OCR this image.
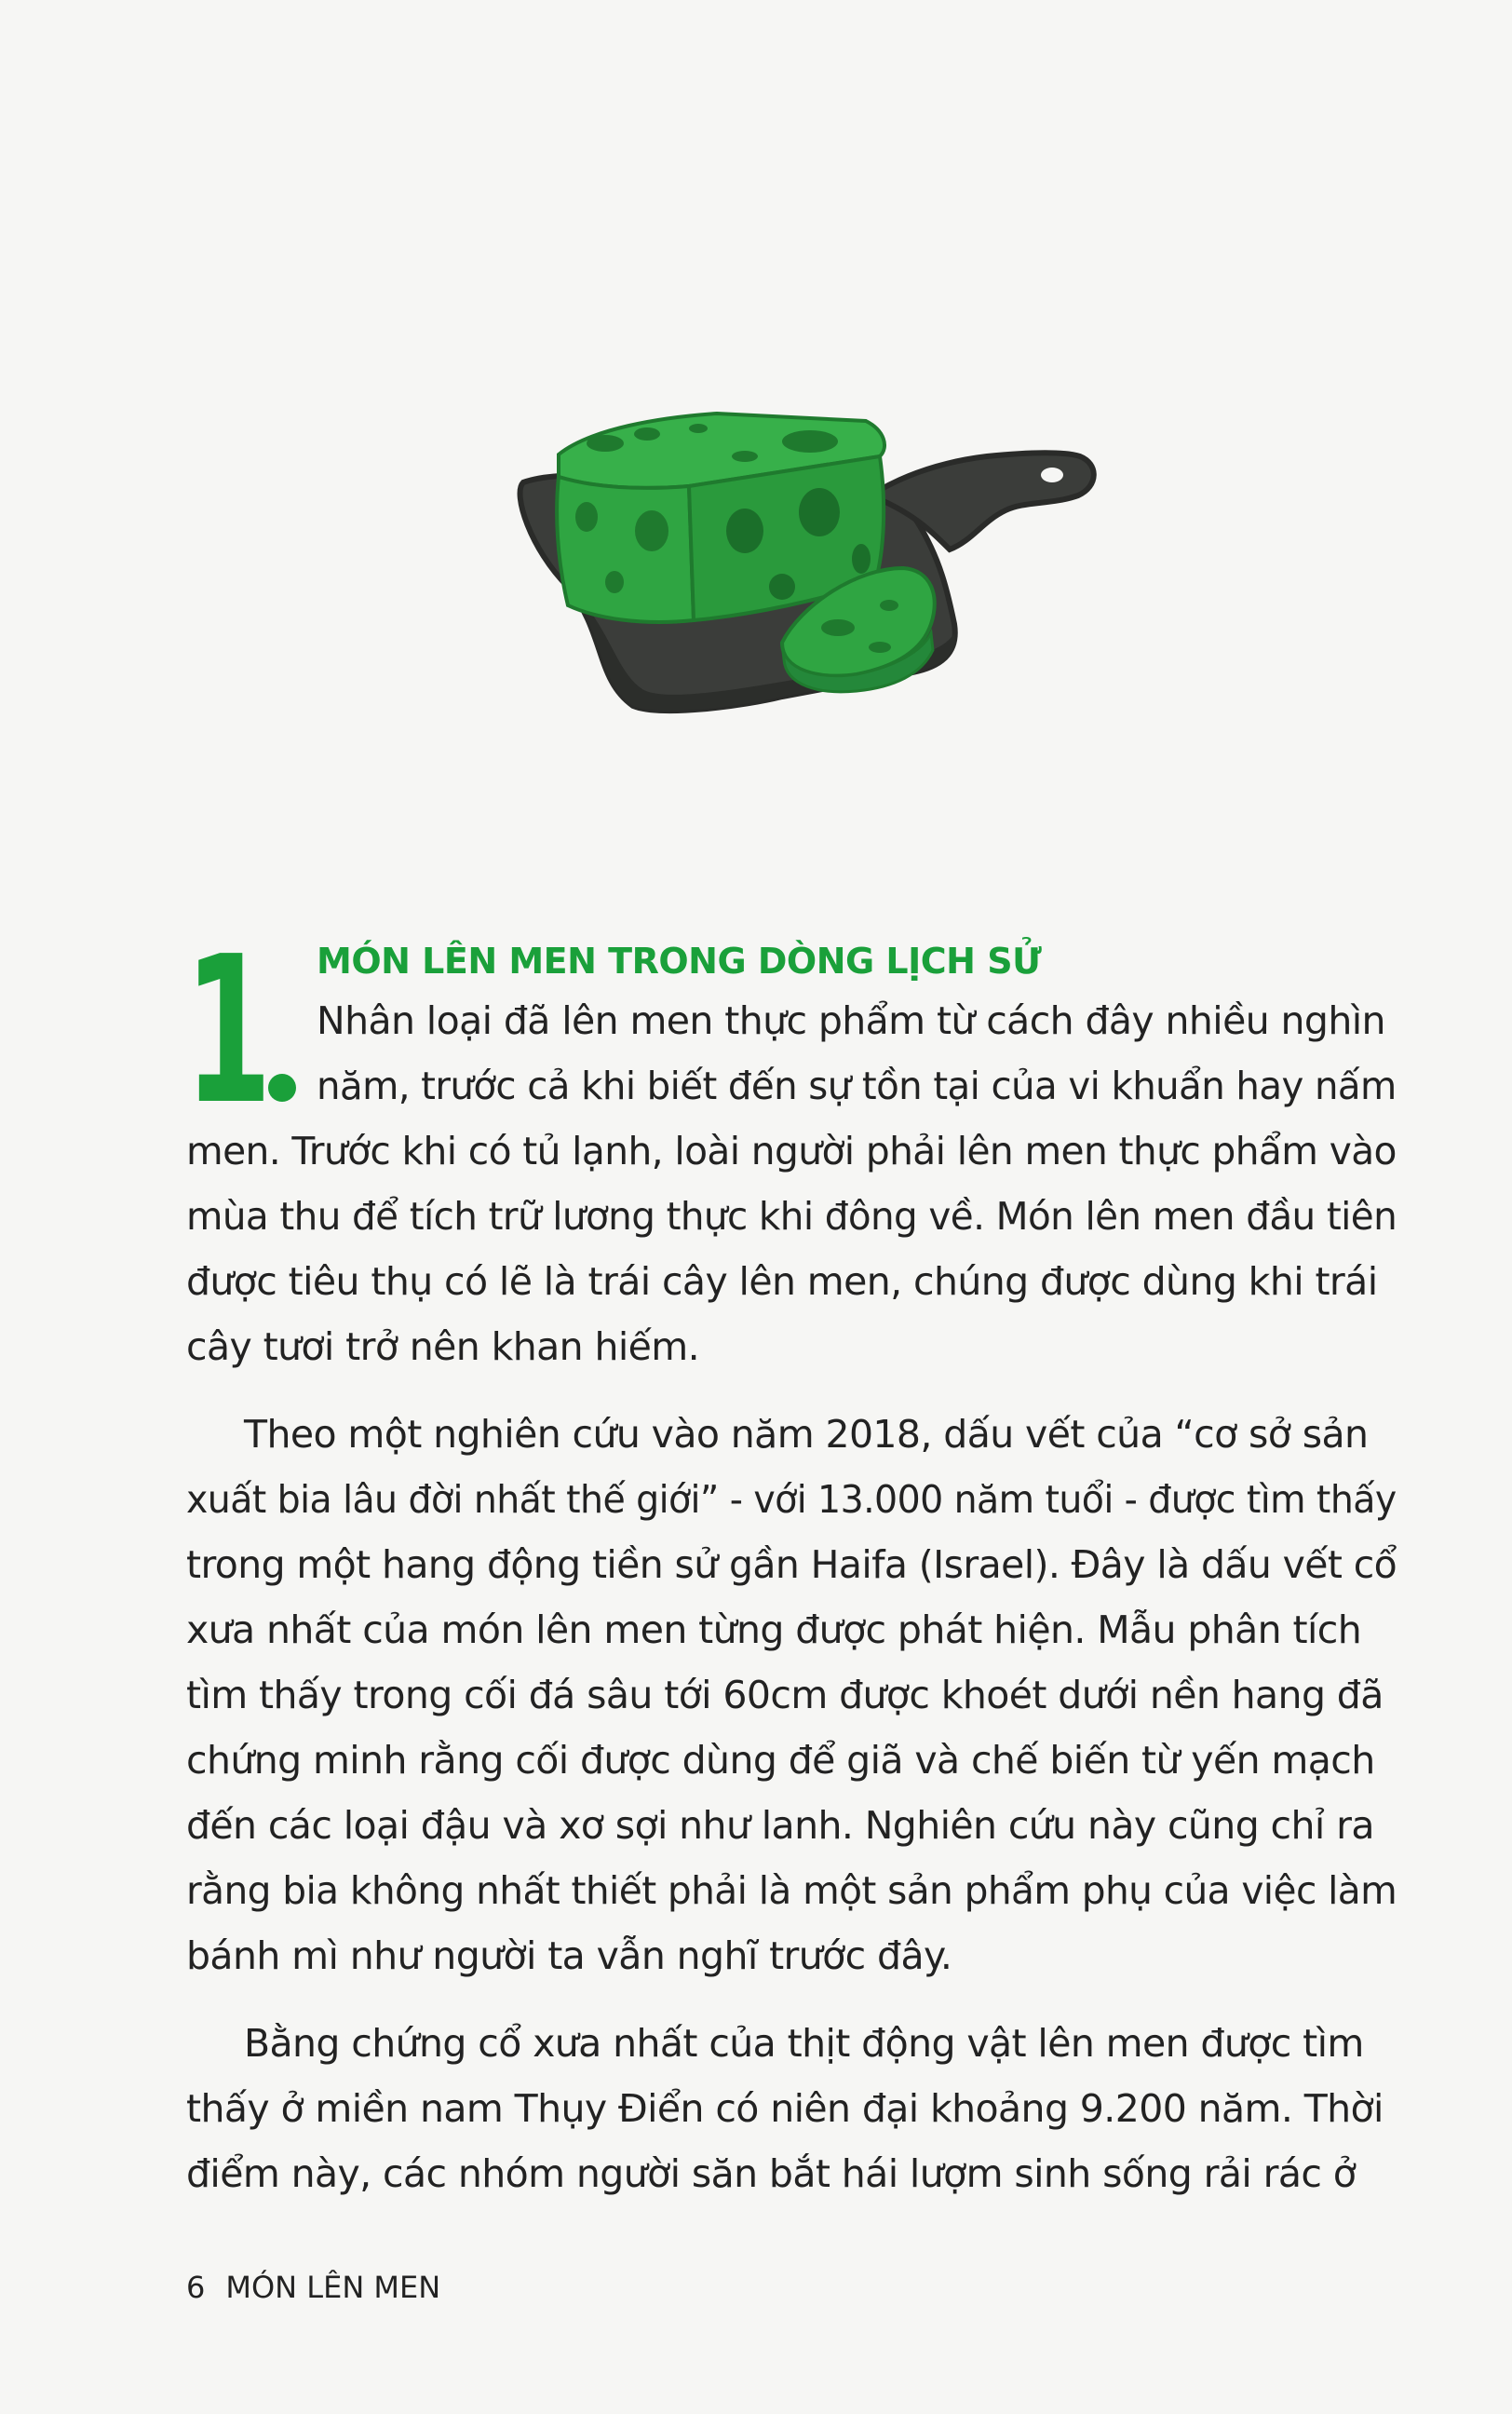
1 MÓN LÊN MEN TRONG DÒNG LỊCH SỬ
Nhân loại đã lên men thực phẩm từ cách đây nhiều nghìn
năm, trước cả khi biết đến sự tồn tại của vi khuẩn hay nấm
men. Trước khi có tủ lạnh, loài người phải lên men thực phẩm vào
mùa thu để tích trữ lương thực khi đông về. Món lên men đầu tiên
được tiêu thụ có lẽ là trái cây lên men, chúng được dùng khi trái
cây tươi trở nên khan hiếm.
Theo một nghiên cứu vào năm 2018, dấu vết của “cơ sở sản
xuất bia lâu đời nhất thế giới” - với 13.000 năm tuổi - được tìm thấy
trong một hang động tiền sử gần Haifa (Israel). Đây là dấu vết cổ
xưa nhất của món lên men từng được phát hiện. Mẫu phân tích
tìm thấy trong cối đá sâu tới 60cm được khoét dưới nền hang đã
chứng minh rằng cối được dùng để giã và chế biến từ yến mạch
đến các loại đậu và xơ sợi như lanh. Nghiên cứu này cũng chỉ ra
rằng bia không nhất thiết phải là một sản phẩm phụ của việc làm
bánh mì như người ta vẫn nghĩ trước đây.
Bằng chứng cổ xưa nhất của thịt động vật lên men được tìm
thấy ở miền nam Thụy Điển có niên đại khoảng 9.200 năm. Thời
điểm này, các nhóm người săn bắt hái lượm sinh sống rải rác ở
6 MÓN LÊN MEN
